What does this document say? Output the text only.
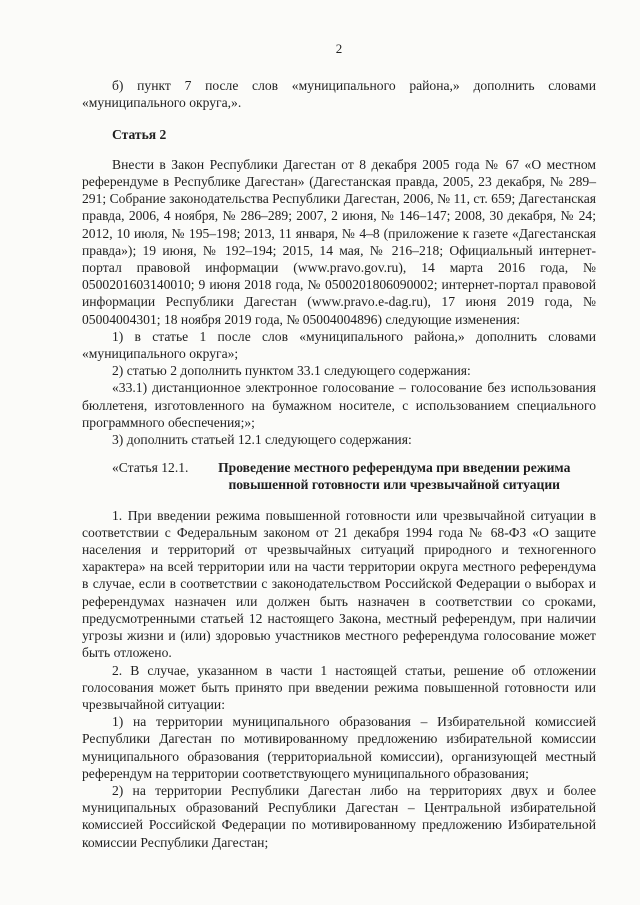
2

б) пункт 7 после слов «муниципального района,» дополнить словами «муниципального округа,».

Статья 2

Внести в Закон Республики Дагестан от 8 декабря 2005 года № 67 «О местном референдуме в Республике Дагестан» (Дагестанская правда, 2005, 23 декабря, № 289–291; Собрание законодательства Республики Дагестан, 2006, № 11, ст. 659; Дагестанская правда, 2006, 4 ноября, № 286–289; 2007, 2 июня, № 146–147; 2008, 30 декабря, № 24; 2012, 10 июля, № 195–198; 2013, 11 января, № 4–8 (приложение к газете «Дагестанская правда»); 19 июня, № 192–194; 2015, 14 мая, № 216–218; Официальный интернет-портал правовой информации (www.pravo.gov.ru), 14 марта 2016 года, № 0500201603140010; 9 июня 2018 года, № 0500201806090002; интернет-портал правовой информации Республики Дагестан (www.pravo.e-dag.ru), 17 июня 2019 года, № 05004004301; 18 ноября 2019 года, № 05004004896) следующие изменения:

1) в статье 1 после слов «муниципального района,» дополнить словами «муниципального округа»;

2) статью 2 дополнить пунктом 33.1 следующего содержания:

«33.1) дистанционное электронное голосование – голосование без использования бюллетеня, изготовленного на бумажном носителе, с использованием специального программного обеспечения;»;

3) дополнить статьей 12.1 следующего содержания:

«Статья 12.1.	Проведение местного референдума при введении режима повышенной готовности или чрезвычайной ситуации

1. При введении режима повышенной готовности или чрезвычайной ситуации в соответствии с Федеральным законом от 21 декабря 1994 года № 68-ФЗ «О защите населения и территорий от чрезвычайных ситуаций природного и техногенного характера» на всей территории или на части территории округа местного референдума в случае, если в соответствии с законодательством Российской Федерации о выборах и референдумах назначен или должен быть назначен в соответствии со сроками, предусмотренными статьей 12 настоящего Закона, местный референдум, при наличии угрозы жизни и (или) здоровью участников местного референдума голосование может быть отложено.

2. В случае, указанном в части 1 настоящей статьи, решение об отложении голосования может быть принято при введении режима повышенной готовности или чрезвычайной ситуации:

1) на территории муниципального образования – Избирательной комиссией Республики Дагестан по мотивированному предложению избирательной комиссии муниципального образования (территориальной комиссии), организующей местный референдум на территории соответствующего муниципального образования;

2) на территории Республики Дагестан либо на территориях двух и более муниципальных образований Республики Дагестан – Центральной избирательной комиссией Российской Федерации по мотивированному предложению Избирательной комиссии Республики Дагестан;
